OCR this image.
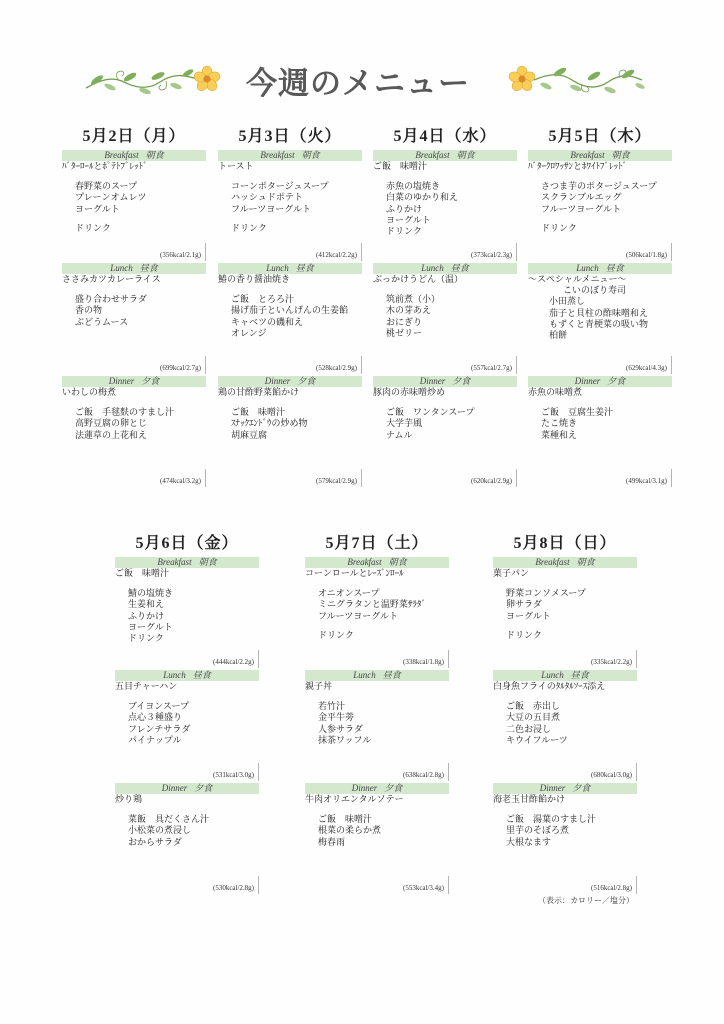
今週のメニュー
（表示：カロリー／塩分）
5月2日（月）
Breakfast 朝食
ﾊﾞﾀｰﾛｰﾙとﾎﾟﾃﾄﾌﾞﾚｯﾄﾞ
春野菜のスープ
プレーンオムレツ
ヨーグルト
ドリンク
(356kcal/2.1g)
Lunch 昼食
ささみカツカレーライス
盛り合わせサラダ
香の物
ぶどうムース
(699kcal/2.7g)
Dinner 夕食
いわしの梅煮
ご飯　手毬麩のすまし汁
高野豆腐の卵とじ
法蓮草の上花和え
(474kcal/3.2g)
5月3日（火）
Breakfast 朝食
トースト
コーンポタージュスープ
ハッシュドポテト
フルーツヨーグルト
ドリンク
(412kcal/2.2g)
Lunch 昼食
鰆の香り醤油焼き
ご飯　とろろ汁
揚げ茄子といんげんの生姜餡
キャベツの磯和え
オレンジ
(528kcal/2.9g)
Dinner 夕食
鶏の甘酢野菜餡かけ
ご飯　味噌汁
ｽﾅｯｸｴﾝﾄﾞｳの炒め物
胡麻豆腐
(579kcal/2.9g)
5月4日（水）
Breakfast 朝食
ご飯　味噌汁
赤魚の塩焼き
白菜のゆかり和え
ふりかけ
ヨーグルト
ドリンク
(373kcal/2.3g)
Lunch 昼食
ぶっかけうどん（温）
筑前煮（小）
木の芽あえ
おにぎり
桃ゼリー
(557kcal/2.7g)
Dinner 夕食
豚肉の赤味噌炒め
ご飯　ワンタンスープ
大学芋風
ナムル
(620kcal/2.9g)
5月5日（木）
Breakfast 朝食
ﾊﾞﾀｰｸﾛﾜｯｻﾝとﾎﾜｲﾄﾌﾞﾚｯﾄﾞ
さつま芋のポタージュスープ
スクランブルエッグ
フルーツヨーグルト
ドリンク
(506kcal/1.8g)
Lunch 昼食
～スペシャルメニュー～
こいのぼり寿司
小田蒸し
茄子と貝柱の酢味噌和え
もずくと青梗菜の吸い物
柏餅
(629kcal/4.3g)
Dinner 夕食
赤魚の味噌煮
ご飯　豆腐生姜汁
たこ焼き
菜種和え
(499kcal/3.1g)
5月6日（金）
Breakfast 朝食
ご飯　味噌汁
鯖の塩焼き
生姜和え
ふりかけ
ヨーグルト
ドリンク
(444kcal/2.2g)
Lunch 昼食
五目チャーハン
ブイヨンスープ
点心３種盛り
フレンチサラダ
パイナップル
(531kcal/3.0g)
Dinner 夕食
炒り鶏
菜飯　具だくさん汁
小松菜の煮浸し
おからサラダ
(530kcal/2.8g)
5月7日（土）
Breakfast 朝食
コーンロールとﾚｰｽﾞﾝﾛｰﾙ
オニオンスープ
ミニグラタンと温野菜ｻﾗﾀﾞ
フルーツヨーグルト
ドリンク
(338kcal/1.8g)
Lunch 昼食
親子丼
若竹汁
金平牛蒡
人参サラダ
抹茶ワッフル
(638kcal/2.8g)
Dinner 夕食
牛肉オリエンタルソテー
ご飯　味噌汁
根菜の柔らか煮
梅春雨
(553kcal/3.4g)
5月8日（日）
Breakfast 朝食
菓子パン
野菜コンソメスープ
卵サラダ
ヨーグルト
ドリンク
(335kcal/2.2g)
Lunch 昼食
白身魚フライのﾀﾙﾀﾙｿｰｽ添え
ご飯　赤出し
大豆の五目煮
二色お浸し
キウイフルーツ
(680kcal/3.0g)
Dinner 夕食
海老玉甘酢餡かけ
ご飯　湯葉のすまし汁
里芋のそぼろ煮
大根なます
(516kcal/2.8g)
